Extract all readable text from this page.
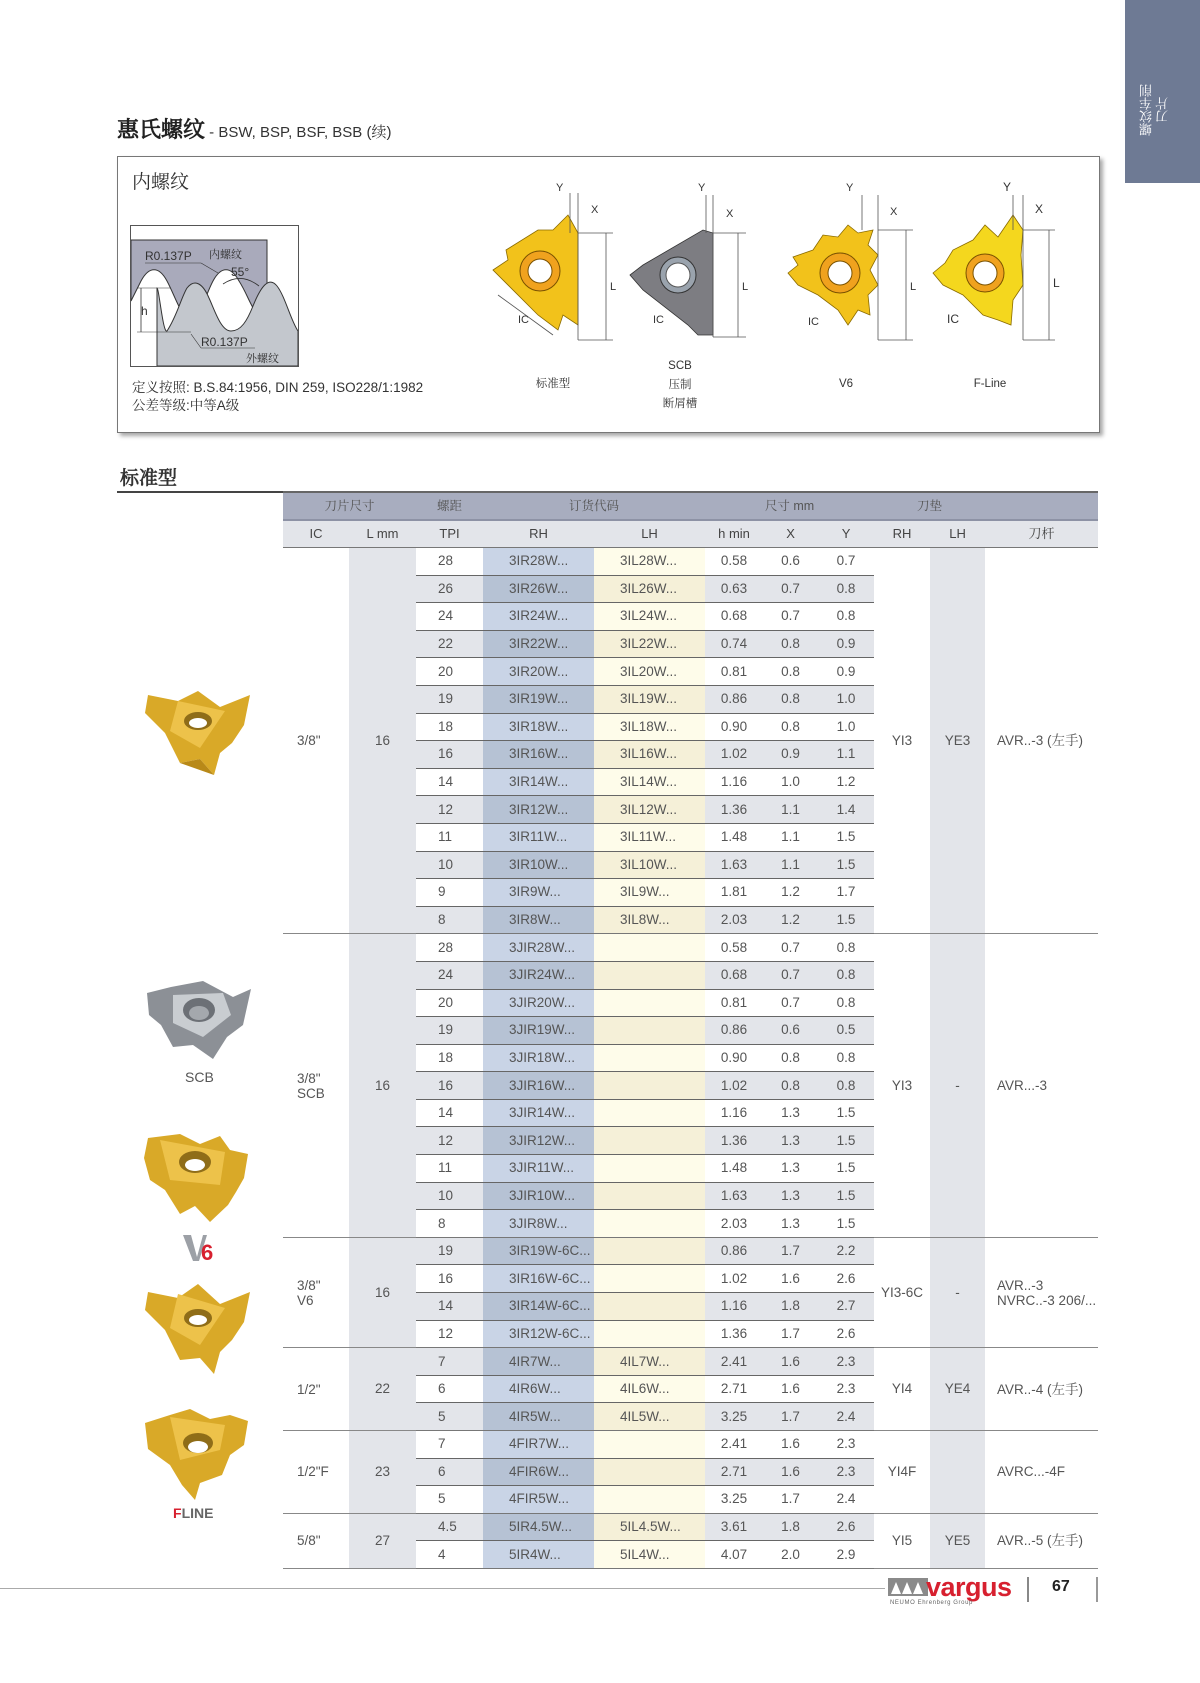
螺纹车削
刀片
惠氏螺纹 - BSW, BSP, BSF, BSB (续)
内螺纹
h
R0.137P 内螺纹
55°
R0.137P
外螺纹
定义按照: B.S.84:1956, DIN 259, ISO228/1:1982
公差等级:中等A级
Y
X
L
IC
标准型
Y
X
L
IC
SCB
压制
断屑槽
Y
X
L
IC
V6
Y
X
L
IC
F-Line
标准型
刀片尺寸		螺距	订货代码		尺寸 mm			刀垫		
IC	L mm	TPI	RH	LH	h min	X	Y	RH	LH	刀杆

3/8"	16	28	3IR28W...	3IL28W...	0.58	0.6	0.7	YI3	YE3	AVR..-3 (左手)

		26	3IR26W...	3IL26W...	0.63	0.7	0.8			
		24	3IR24W...	3IL24W...	0.68	0.7	0.8			
		22	3IR22W...	3IL22W...	0.74	0.8	0.9			
		20	3IR20W...	3IL20W...	0.81	0.8	0.9			
		19	3IR19W...	3IL19W...	0.86	0.8	1.0			
		18	3IR18W...	3IL18W...	0.90	0.8	1.0			
		16	3IR16W...	3IL16W...	1.02	0.9	1.1			
		14	3IR14W...	3IL14W...	1.16	1.0	1.2			
		12	3IR12W...	3IL12W...	1.36	1.1	1.4			
		11	3IR11W...	3IL11W...	1.48	1.1	1.5			
		10	3IR10W...	3IL10W...	1.63	1.1	1.5			
		9	3IR9W...	3IL9W...	1.81	1.2	1.7			
		8	3IR8W...	3IL8W...	2.03	1.2	1.5			

3/8"
SCB	16	28	3JIR28W...		0.58	0.7	0.8	YI3	-	AVR...-3

		24	3JIR24W...		0.68	0.7	0.8			
		20	3JIR20W...		0.81	0.7	0.8			
		19	3JIR19W...		0.86	0.6	0.5			
		18	3JIR18W...		0.90	0.8	0.8			
		16	3JIR16W...		1.02	0.8	0.8			
		14	3JIR14W...		1.16	1.3	1.5			
		12	3JIR12W...		1.36	1.3	1.5			
		11	3JIR11W...		1.48	1.3	1.5			
		10	3JIR10W...		1.63	1.3	1.5			
		8	3JIR8W...		2.03	1.3	1.5			

3/8"
V6
	16	19	3IR19W-6C...		0.86	1.7	2.2	YI3-6C	-	AVR..-3
NVRC..-3 206/...

		16	3IR16W-6C...		1.02	1.6	2.6			
		14	3IR14W-6C...		1.16	1.8	2.7			
		12	3IR12W-6C...		1.36	1.7	2.6			

1/2"	22	7	4IR7W...	4IL7W...	2.41	1.6	2.3	YI4	YE4	AVR..-4 (左手)

		6	4IR6W...	4IL6W...	2.71	1.6	2.3			
		5	4IR5W...	4IL5W...	3.25	1.7	2.4			

1/2"F	23	7	4FIR7W...		2.41	1.6	2.3	YI4F		AVRC...-4F

		6	4FIR6W...		2.71	1.6	2.3			
		5	4FIR5W...		3.25	1.7	2.4			

5/8"	27	4.5	5IR4.5W...	5IL4.5W...	3.61	1.8	2.6	YI5	YE5	AVR..-5 (左手)

		4	5IR4W...	5IL4W...	4.07	2.0	2.9			
SCB
6
FLINE
vargus
NEUMO Ehrenberg Group
67
